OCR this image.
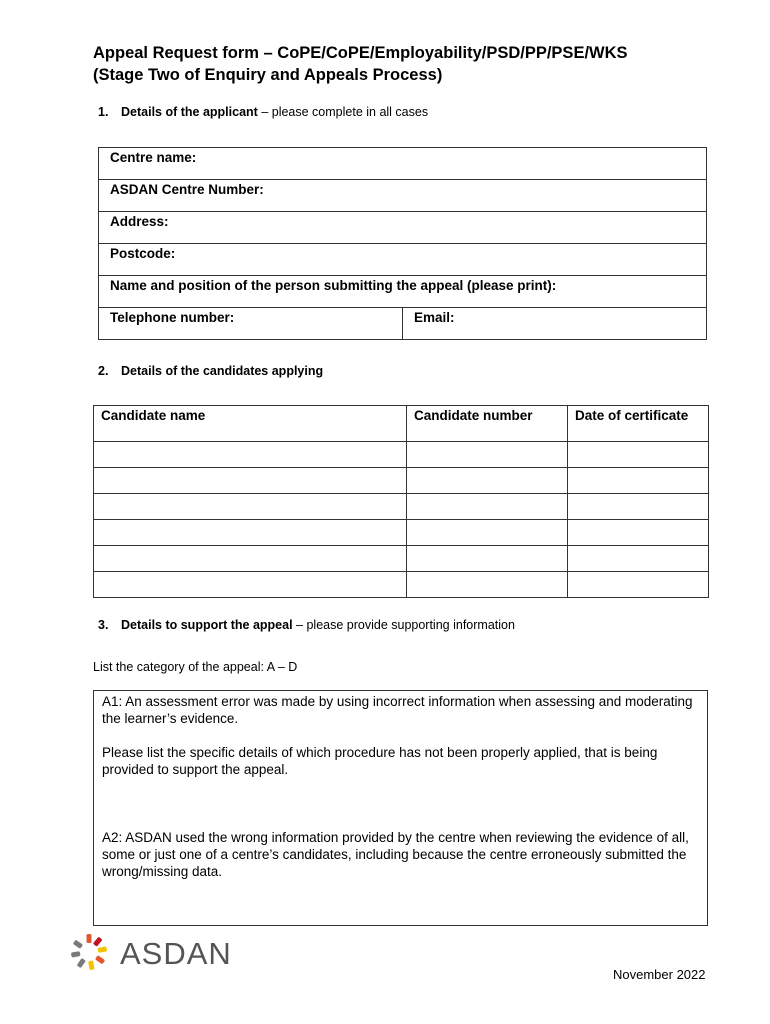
Appeal Request form – CoPE/CoPE/Employability/PSD/PP/PSE/WKS
(Stage Two of Enquiry and Appeals Process)
1. Details of the applicant – please complete in all cases
Centre name:
ASDAN Centre Number:
Address:
Postcode:
Name and position of the person submitting the appeal (please print):
Telephone number:	Email:
2. Details of the candidates applying
Candidate name	Candidate number	Date of certificate

3. Details to support the appeal – please provide supporting information
List the category of the appeal: A – D

A1: An assessment error was made by using incorrect information when assessing and moderating the learner’s evidence.

Please list the specific details of which procedure has not been properly applied, that is being provided to support the appeal.

A2: ASDAN used the wrong information provided by the centre when reviewing the evidence of all, some or just one of a centre’s candidates, including because the centre erroneously submitted the wrong/missing data.

ASDAN
November 2022
